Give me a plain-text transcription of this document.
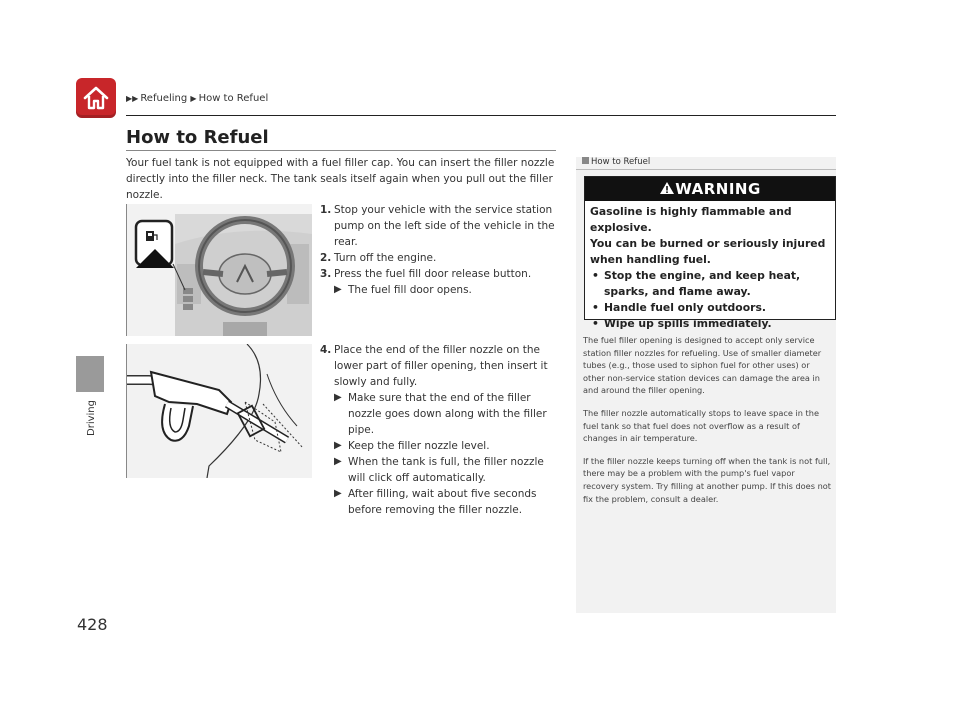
▶▶ Refueling ▶ How to Refuel
Driving
428
How to Refuel
Your fuel tank is not equipped with a fuel filler cap. You can insert the filler nozzle directly into the filler neck. The tank seals itself again when you pull out the filler nozzle.
1. Stop your vehicle with the service station pump on the left side of the vehicle in the rear.
2. Turn off the engine.
3. Press the fuel fill door release button.
▶ The fuel fill door opens.
4. Place the end of the filler nozzle on the lower part of filler opening, then insert it slowly and fully.
▶ Make sure that the end of the filler nozzle goes down along with the filler pipe.
▶ Keep the filler nozzle level.
▶ When the tank is full, the filler nozzle will click off automatically.
▶ After filling, wait about five seconds before removing the filler nozzle.
How to Refuel
WARNING
Gasoline is highly flammable and explosive.
You can be burned or seriously injured when handling fuel.
• Stop the engine, and keep heat, sparks, and flame away.
• Handle fuel only outdoors.
• Wipe up spills immediately.

The fuel filler opening is designed to accept only service station filler nozzles for refueling. Use of smaller diameter tubes (e.g., those used to siphon fuel for other uses) or other non-service station devices can damage the area in and around the filler opening.

The filler nozzle automatically stops to leave space in the fuel tank so that fuel does not overflow as a result of changes in air temperature.

If the filler nozzle keeps turning off when the tank is not full, there may be a problem with the pump's fuel vapor recovery system. Try filling at another pump. If this does not fix the problem, consult a dealer.
